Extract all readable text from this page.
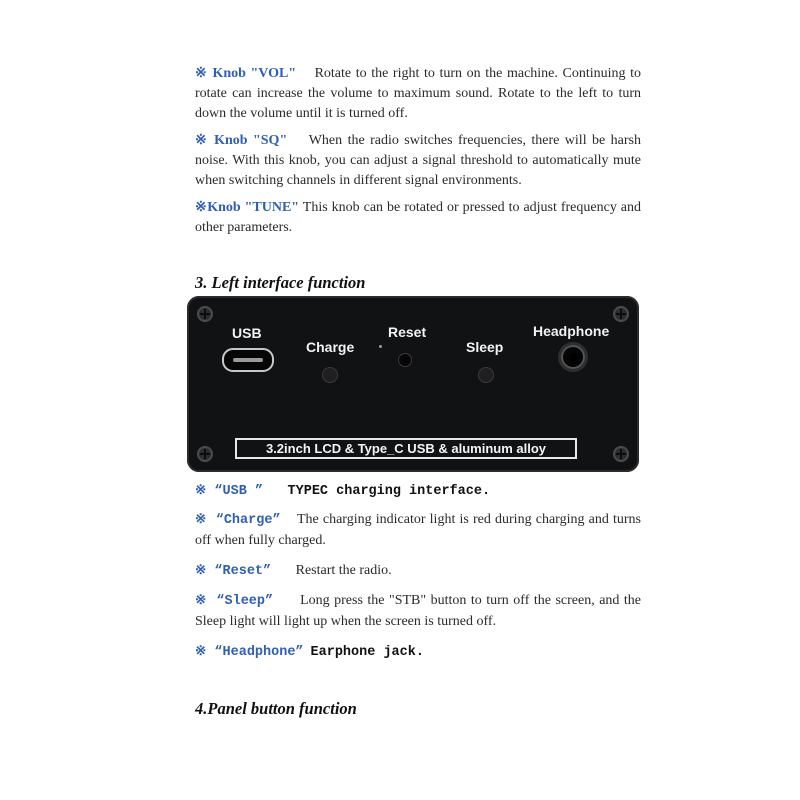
※ Knob "VOL" Rotate to the right to turn on the machine. Continuing to rotate can increase the volume to maximum sound. Rotate to the left to turn down the volume until it is turned off.
※ Knob "SQ" When the radio switches frequencies, there will be harsh noise. With this knob, you can adjust a signal threshold to automatically mute when switching channels in different signal environments.
※Knob "TUNE" This knob can be rotated or pressed to adjust frequency and other parameters.
3. Left interface function
USB
Charge
Reset
Sleep
Headphone
3.2inch LCD & Type_C USB & aluminum alloy
※ “USB ” TYPEC charging interface.
※ “Charge” The charging indicator light is red during charging and turns off when fully charged.
※ “Reset” Restart the radio.
※ “Sleep” Long press the "STB" button to turn off the screen, and the Sleep light will light up when the screen is turned off.
※ “Headphone” Earphone jack.
4.Panel button function
